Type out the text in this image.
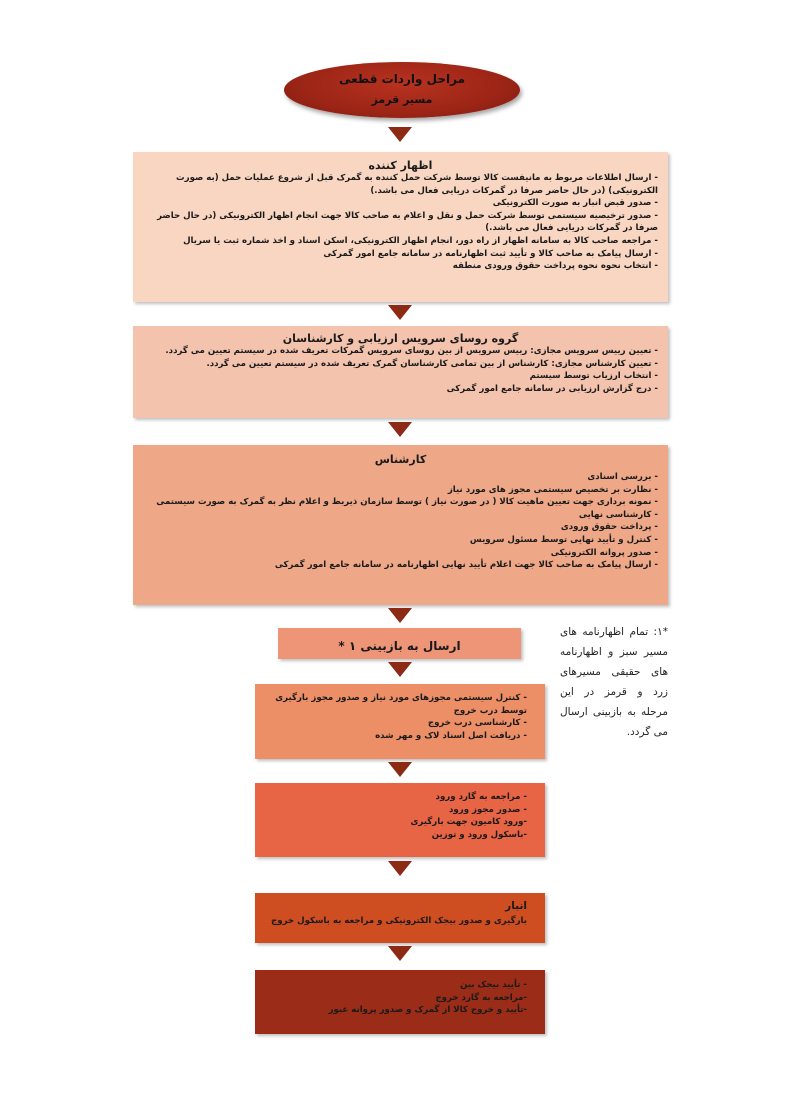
مراحل واردات قطعی
مسیر قرمز
اظهار کننده
- ارسال اطلاعات مربوط به مانیفست کالا توسط شرکت حمل کننده به گمرک قبل از شروع عملیات حمل (به صورت الکترونیکی) (در حال حاضر صرفا در گمرکات دریایی فعال می باشد.)
- صدور قبض انبار به صورت الکترونیکی
- صدور ترخیصیه سیستمی توسط شرکت حمل و نقل و اعلام به صاحب کالا جهت انجام اظهار الکترونیکی (در حال حاضر صرفا در گمرکات دریایی فعال می باشد.)
- مراجعه صاحب کالا به سامانه اظهار از راه دور، انجام اظهار الکترونیکی، اسکن اسناد و اخذ شماره ثبت یا سریال
- ارسال پیامک به صاحب کالا و تأیید ثبت اظهارنامه در سامانه جامع امور گمرکی
- انتخاب نحوه نحوه پرداخت حقوق ورودی منطقه
گروه روسای سرویس ارزیابی و کارشناسان
- تعیین رییس سرویس مجازی: رییس سرویس از بین روسای سرویس گمرکات تعریف شده در سیستم تعیین می گردد.
- تعیین کارشناس مجازی: کارشناس از بین تمامی کارشناسان گمرک تعریف شده در سیستم تعیین می گردد.
- انتخاب ارزیاب توسط سیستم
- درج گزارش ارزیابی در سامانه جامع امور گمرکی
کارشناس
- بررسی اسنادی
- نظارت بر تخصیص سیستمی مجوز های مورد نیاز
- نمونه برداری جهت تعیین ماهیت کالا ( در صورت نیاز ) توسط سازمان ذیربط و اعلام نظر به گمرک به صورت سیستمی
- کارشناسی نهایی
- پرداخت حقوق ورودی
- کنترل و تأیید نهایی توسط مسئول سرویس
- صدور پروانه الکترونیکی
- ارسال پیامک به صاحب کالا جهت اعلام تأیید نهایی اظهارنامه در سامانه جامع امور گمرکی
ارسال به بازبینی ۱ *
*۱: تمام اظهارنامه های مسیر سبز و اظهارنامه های حقیقی مسیرهای زرد و قرمز در این مرحله به بازبینی ارسال می گردد.
- کنترل سیستمی مجوزهای مورد نیاز و صدور مجوز بارگیری توسط درب خروج
- کارشناسی درب خروج
- دریافت اصل اسناد لاک و مهر شده
- مراجعه به گارد ورود
- صدور مجوز ورود
-ورود کامیون جهت بارگیری
-باسکول ورود و توزین
انبار
بارگیری و صدور بیجک الکترونیکی و مراجعه به باسکول خروج
- تأیید بیجک بین
-مراجعه به گارد خروج
-تأیید و خروج کالا از گمرک و صدور پروانه عبور
